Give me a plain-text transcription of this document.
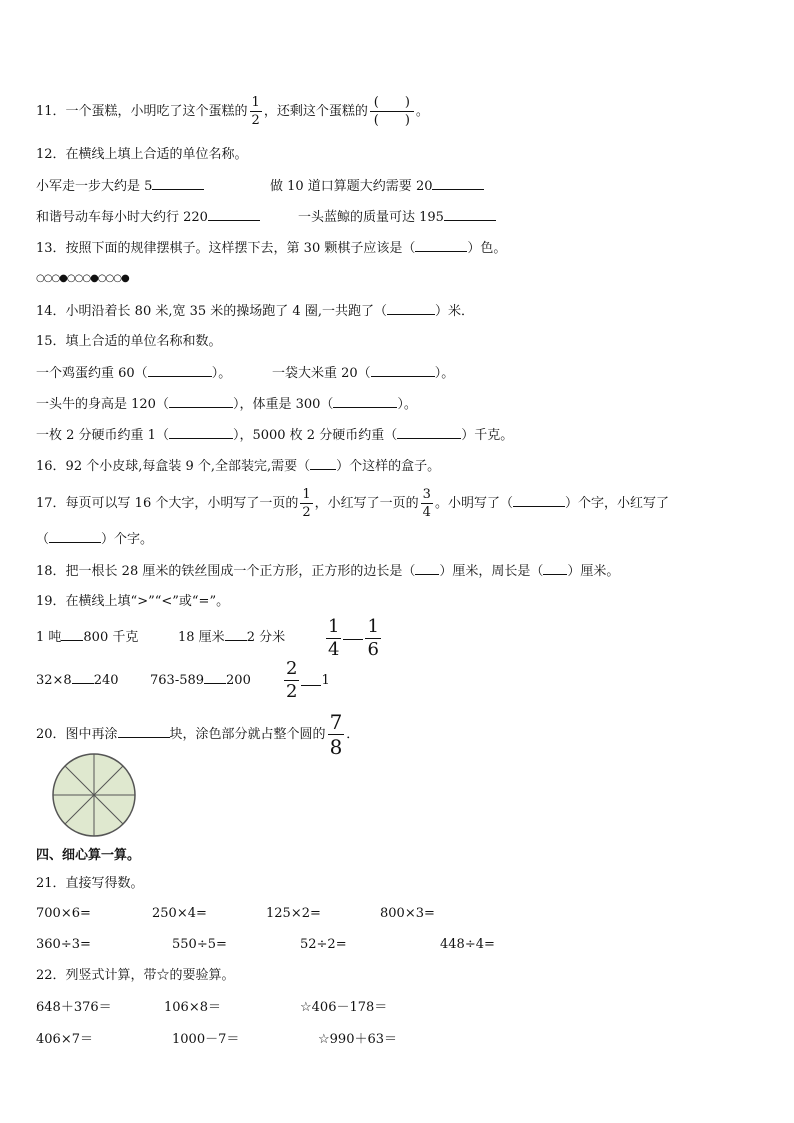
11．一个蛋糕，小明吃了这个蛋糕的 $\frac{1}{2}$ ，还剩这个蛋糕的 $\frac{( )}{( )}$ 。
12．在横线上填上合适的单位名称。
小军走一步大约是 5	做 10 道口算题大约需要 20
和谐号动车每小时大约行 220	一头蓝鲸的质量可达 195
13．按照下面的规律摆棋子。这样摆下去，第 30 颗棋子应该是（	）色。
○○○●○○○●○○○●
14．小明沿着长 80 米,宽 35 米的操场跑了 4 圈,一共跑了（	）米．
15．填上合适的单位名称和数。
一个鸡蛋约重 60（	）。	一袋大米重 20（	）。
一头牛的身高是 120（	），体重是 300（	）。
一枚 2 分硬币约重 1（	），5000 枚 2 分硬币约重（	）千克。
16．92 个小皮球,每盒装 9 个,全部装完,需要（ ）个这样的盒子。
17．每页可以写 16 个大字，小明写了一页的 $\frac{1}{2}$ ，小红写了一页的 $\frac{3}{4}$ 。小明写了（	）个字，小红写了
（	）个字。
18．把一根长 28 厘米的铁丝围成一个正方形，正方形的边长是（ ）厘米，周长是（ ）厘米。
19．在横线上填“>”“<”或“=”。
1 吨 800 千克	18 厘米 2 分米 $\frac{1}{4} \frac{1}{6}$
32×8 240 763-589 $200 \frac{2}{2} 1$
20．图中再涂	块，涂色部分就占整个圆的 $\frac{7}{8}$ ．
四、细心算一算。
21．直接写得数。
700×6=	250×4=	125×2=	800×3=
360÷3=	550÷5=	52÷2=	448÷4=
22．列竖式计算，带☆的要验算。
648＋376＝	106×8＝	☆406－178＝
406×7＝	1000－7＝	☆990＋63＝
